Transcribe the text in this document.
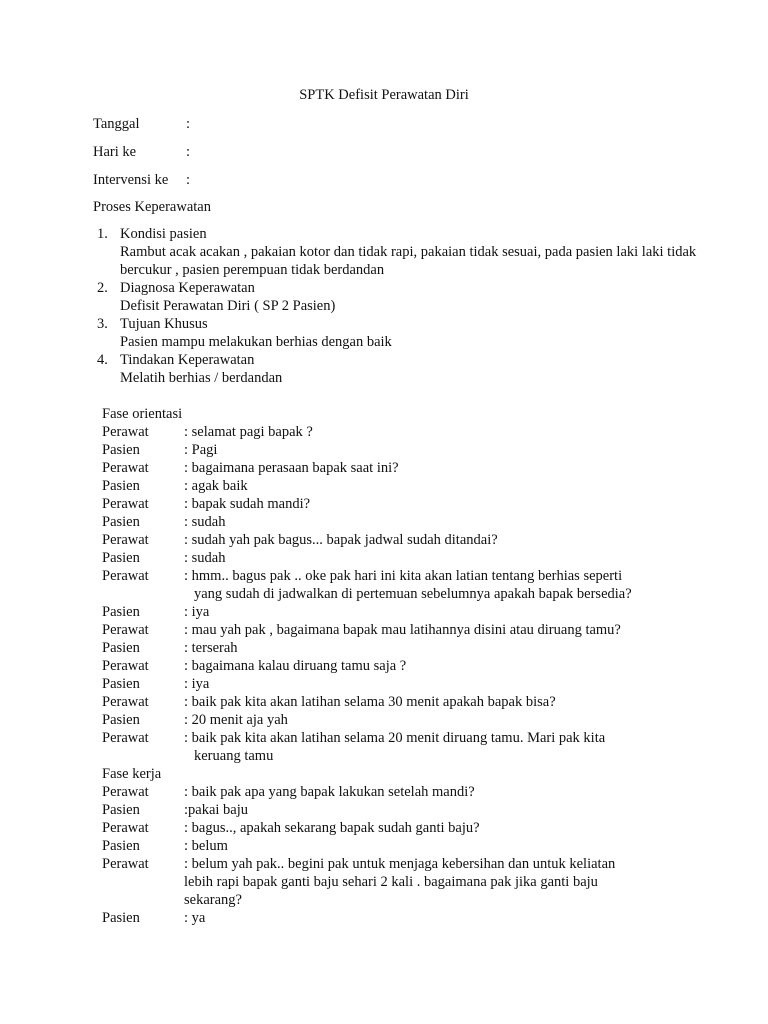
SPTK Defisit Perawatan Diri
Tanggal	:
Hari ke	:
Intervensi ke :
Proses Keperawatan
1. Kondisi pasien
Rambut acak acakan , pakaian kotor dan tidak rapi, pakaian tidak sesuai, pada pasien laki laki tidak bercukur , pasien perempuan tidak berdandan
2. Diagnosa Keperawatan
Defisit Perawatan Diri ( SP 2 Pasien)
3. Tujuan Khusus
Pasien mampu melakukan berhias dengan baik
4. Tindakan Keperawatan
Melatih berhias / berdandan
Fase orientasi
Perawat : selamat pagi bapak ?
Pasien	: Pagi
Perawat : bagaimana perasaan bapak saat ini?
Pasien	: agak baik
Perawat : bapak sudah mandi?
Pasien	: sudah
Perawat : sudah yah pak bagus... bapak jadwal sudah ditandai?
Pasien	: sudah
Perawat : hmm.. bagus pak .. oke pak hari ini kita akan latian tentang berhias seperti
yang sudah di jadwalkan di pertemuan sebelumnya apakah bapak bersedia?
Pasien	: iya
Perawat : mau yah pak , bagaimana bapak mau latihannya disini atau diruang tamu?
Pasien	: terserah
Perawat : bagaimana kalau diruang tamu saja ?
Pasien	: iya
Perawat : baik pak kita akan latihan selama 30 menit apakah bapak bisa?
Pasien	: 20 menit aja yah
Perawat : baik pak kita akan latihan selama 20 menit diruang tamu. Mari pak kita
keruang tamu
Fase kerja
Perawat : baik pak apa yang bapak lakukan setelah mandi?
Pasien	:pakai baju
Perawat : bagus.., apakah sekarang bapak sudah ganti baju?
Pasien	: belum
Perawat : belum yah pak.. begini pak untuk menjaga kebersihan dan untuk keliatan
lebih rapi bapak ganti baju sehari 2 kali . bagaimana pak jika ganti baju
sekarang?
Pasien	: ya
